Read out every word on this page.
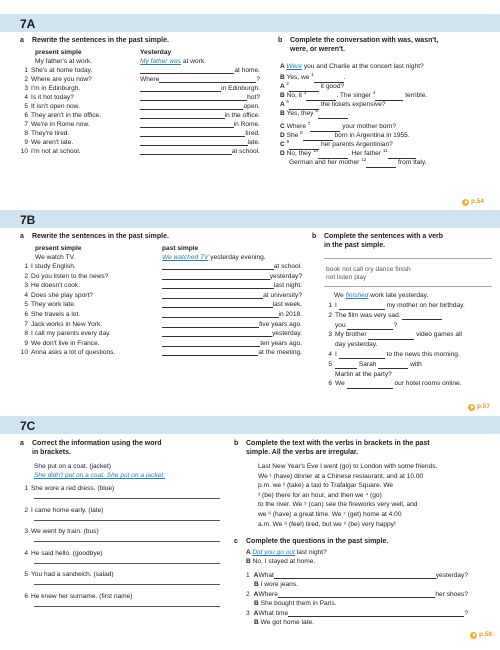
7A
a	Rewrite the sentences in the past simple.
present simple	Yesterday
My father's at work.	My father was at work.
b	Complete the conversation with was, wasn't,
were, or weren't.
p.54
7B
a	Rewrite the sentences in the past simple.
present simple	past simple
We watch TV.	We watched TV yesterday evening.
b	Complete the sentences with a verb
in the past simple.
book not call cry dance finish
not listen play
We finished work late yesterday.
p.57
7C
a	Correct the information using the word
in brackets.
She put on a coat. (jacket)
She didn't put on a coat. She put on a jacket.
b	Complete the text with the verbs in brackets in the past
simple. All the verbs are irregular.
c	Complete the questions in the past simple.
A Did you go out last night?
B No, I stayed at home.
p.58
1 She's at home today.	at home.
2 Where are you now?	Where	?
3 I'm in Edinburgh.	in Edinburgh.
4 Is it hot today?	hot?
5 It isn't open now.	open.
6 They aren't in the office.	in the office.
7 We're in Rome now.	in Rome.
8 They're tired.	tired.
9 We aren't late.	late.
10 I'm not at school.	at school.
A Were you and Charlie at the concert last night?
B Yes, we $^1$	.
A $^2$	it good?
B No, it $^3$	. The singer $^4$	terrible.
A $^5$	the tickets expensive?
B Yes, they $^6$	.
C Where $^7$	your mother born?
D She $^8$	born in Argentina in 1955.
C $^9$	her parents Argentinian?
D No, they $^{10}$	. Her father $^{11}$
German and her mother $^{12}$	from Italy.
1 I study English.	at school.
2 Do you listen to the news?	yesterday?
3 He doesn't cook.	last night.
4 Does she play sport?	at university?
5 They work late.	last week.
6 She travels a lot.	in 2018.
7 Jack works in New York.	five years ago.
8 I call my parents every day.	yesterday.
9 We don't live in France.	ten years ago.
10 Anna asks a lot of questions.	at the meeting.
1 I	my mother on her birthday.
2 The film was very sad.
you	?
3 My brother	video games all
day yesterday.
4 I	to the news this morning.
5	Sarah	with
Martin at the party?
6 We	our hotel rooms online.
1 She wore a red dress. (blue)
2 I came home early. (late)
3 We went by train. (bus)
4 He said hello. (goodbye)
5 You had a sandwich. (salad)
6 He knew her surname. (first name)
Last New Year's Eve I went (go) to London with some friends.
We ¹ (have) dinner at a Chinese restaurant, and at 10.00
p.m. we ² (take) a taxi to Trafalgar Square. We
³ (be) there for an hour, and then we ⁴ (go)
to the river. We ⁵ (can) see the fireworks very well, and
we ⁶ (have) a great time. We ⁷ (get) home at 4.00
a.m. We ⁸ (feel) tired, but we ⁹ (be) very happy!
1 A What	yesterday?
B I wore jeans.
2 A Where	her shoes?
B She bought them in Paris.
3 A What time	?
B We got home late.
